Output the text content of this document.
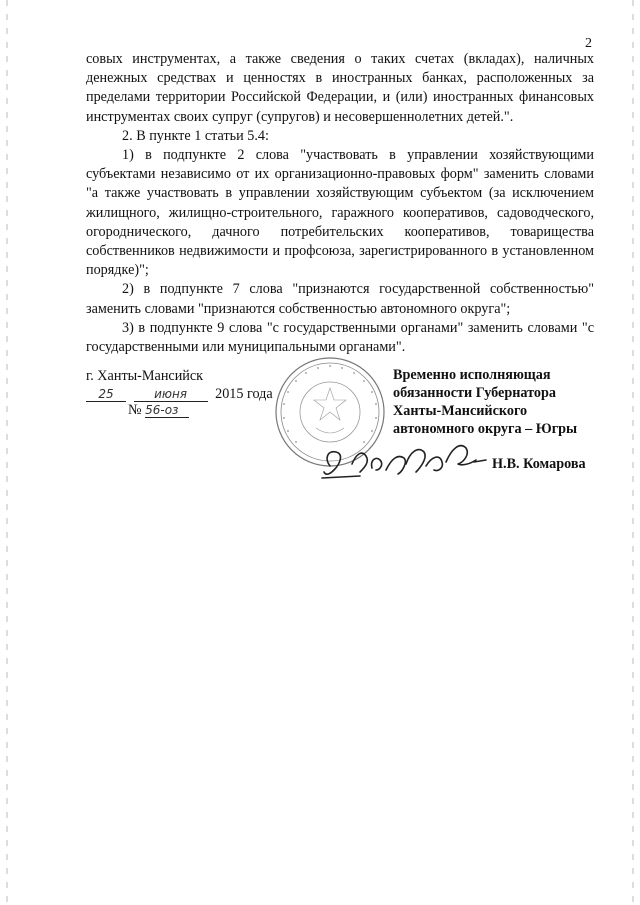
2

совых инструментах, а также сведения о таких счетах (вкладах), наличных денежных средствах и ценностях в иностранных банках, расположенных за пределами территории Российской Федерации, и (или) иностранных финансовых инструментах своих супруг (супругов) и несовершеннолетних детей.".

2. В пункте 1 статьи 5.4:

1) в подпункте 2 слова "участвовать в управлении хозяйствующими субъектами независимо от их организационно-правовых форм" заменить словами "а также участвовать в управлении хозяйствующим субъектом (за исключением жилищного, жилищно-строительного, гаражного кооперативов, садоводческого, огороднического, дачного потребительских кооперативов, товарищества собственников недвижимости и профсоюза, зарегистрированного в установленном порядке)";

2) в подпункте 7 слова "признаются государственной собственностью" заменить словами "признаются собственностью автономного округа";

3) в подпункте 9 слова "с государственными органами" заменить словами "с государственными или муниципальными органами".

г. Ханты-Мансийск
25	июня 2015 года
№ 56-оз
Временно исполняющая
обязанности Губернатора
Ханты-Мансийского
автономного округа – Югры
Н.В. Комарова
